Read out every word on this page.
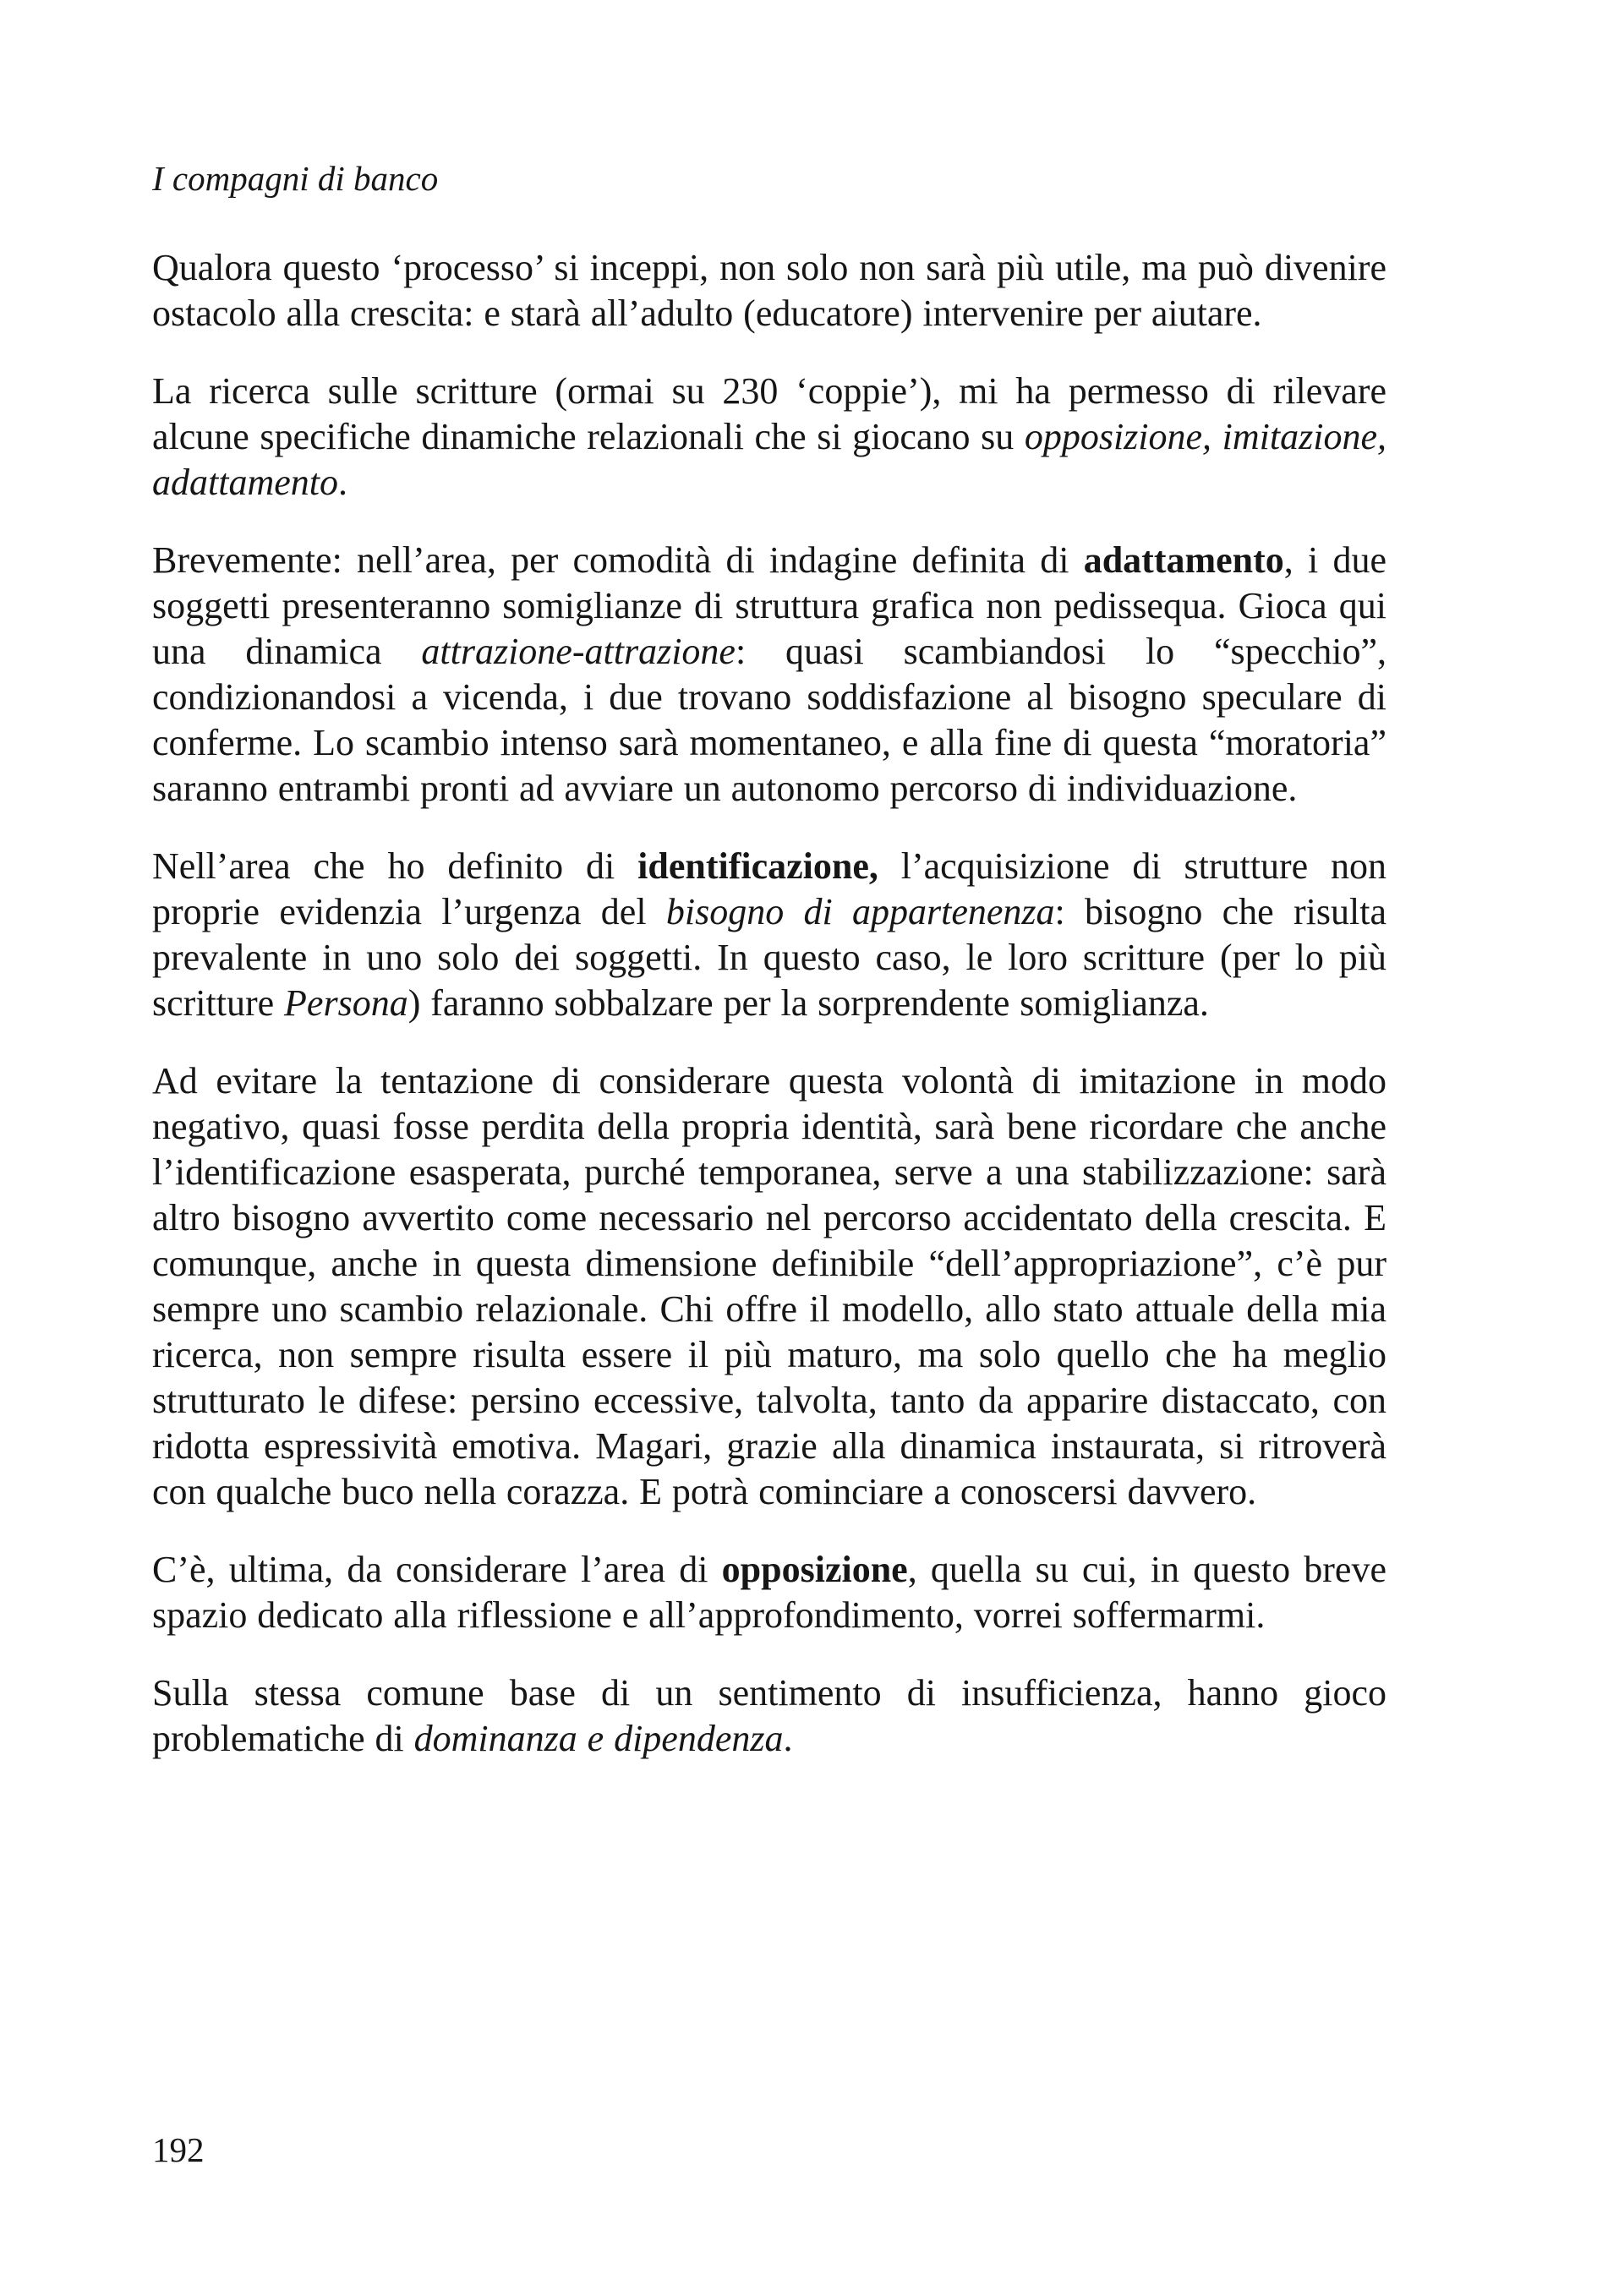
I compagni di banco

Qualora questo ‘processo’ si inceppi, non solo non sarà più utile, ma può divenire ostacolo alla crescita: e starà all’adulto (educatore) intervenire per aiutare.

La ricerca sulle scritture (ormai su 230 ‘coppie’), mi ha permesso di rilevare alcune specifiche dinamiche relazionali che si giocano su opposizione, imitazione, adattamento.

Brevemente: nell’area, per comodità di indagine definita di adattamento, i due soggetti presenteranno somiglianze di struttura grafica non pedissequa. Gioca qui una dinamica attrazione-attrazione: quasi scambiandosi lo “specchio”, condizionandosi a vicenda, i due trovano soddisfazione al bisogno speculare di conferme. Lo scambio intenso sarà momentaneo, e alla fine di questa “moratoria” saranno entrambi pronti ad avviare un autonomo percorso di individuazione.

Nell’area che ho definito di identificazione, l’acquisizione di strutture non proprie evidenzia l’urgenza del bisogno di appartenenza: bisogno che risulta prevalente in uno solo dei soggetti. In questo caso, le loro scritture (per lo più scritture Persona) faranno sobbalzare per la sorprendente somiglianza.

Ad evitare la tentazione di considerare questa volontà di imitazione in modo negativo, quasi fosse perdita della propria identità, sarà bene ricordare che anche l’identificazione esasperata, purché temporanea, serve a una stabilizzazione: sarà altro bisogno avvertito come necessario nel percorso accidentato della crescita. E comunque, anche in questa dimensione definibile “dell’appropriazione”, c’è pur sempre uno scambio relazionale. Chi offre il modello, allo stato attuale della mia ricerca, non sempre risulta essere il più maturo, ma solo quello che ha meglio strutturato le difese: persino eccessive, talvolta, tanto da apparire distaccato, con ridotta espressività emotiva. Magari, grazie alla dinamica instaurata, si ritroverà con qualche buco nella corazza. E potrà cominciare a conoscersi davvero.

C’è, ultima, da considerare l’area di opposizione, quella su cui, in questo breve spazio dedicato alla riflessione e all’approfondimento, vorrei soffermarmi.

Sulla stessa comune base di un sentimento di insufficienza, hanno gioco problematiche di dominanza e dipendenza.

192
